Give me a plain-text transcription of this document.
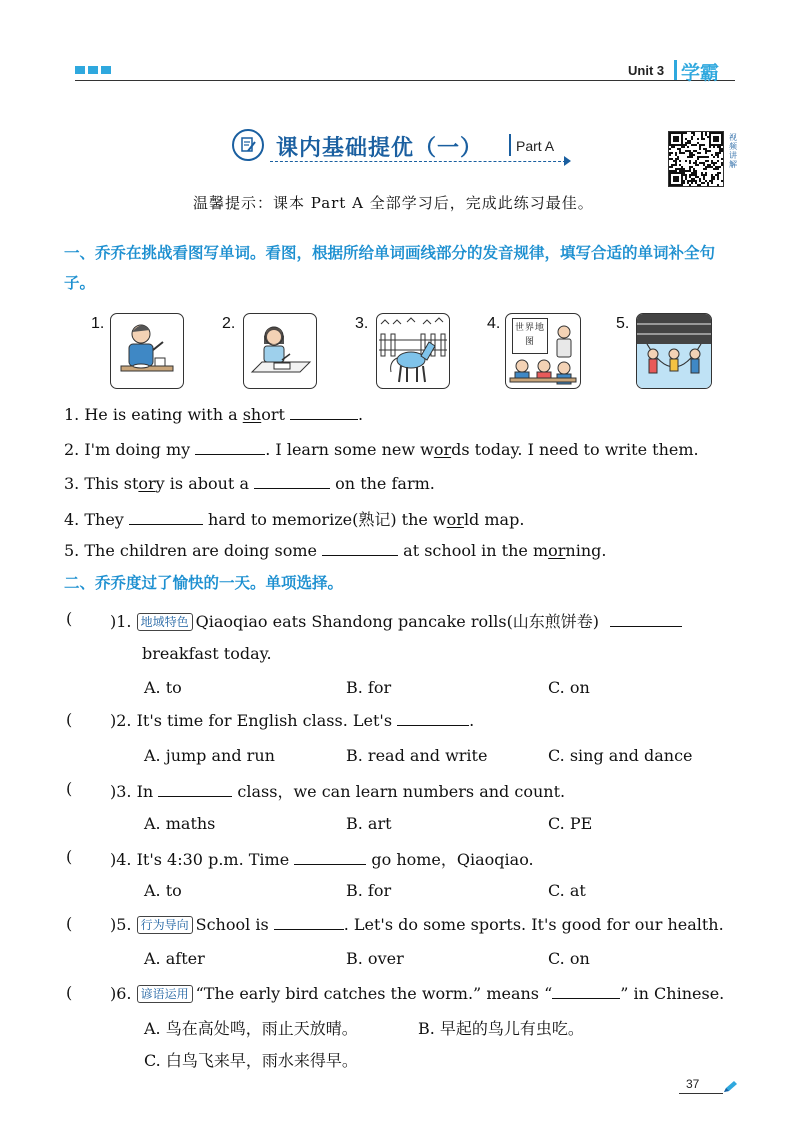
Unit 3 学霸
课内基础提优（一） Part A
视频讲解
温馨提示：课本 Part A 全部学习后，完成此练习最佳。
一、乔乔在挑战看图写单词。看图，根据所给单词画线部分的发音规律，填写合适的单词补全句子。
1.	2.	3.	4.	世界地图
5.
1. He is eating with a short	.
2. I'm doing my	. I learn some new words today. I need to write them.
3. This story is about a	on the farm.
4. They	hard to memorize(熟记) the world map.
5. The children are doing some	at school in the morning.
二、乔乔度过了愉快的一天。单项选择。
( )1. 地域特色 Qiaoqiao eats Shandong pancake rolls(山东煎饼卷)
breakfast today.
A. to	B. for	C. on
( )2. It's time for English class. Let's	.
A. jump and run	B. read and write	C. sing and dance
( )3. In	class，we can learn numbers and count.
A. maths	B. art	C. PE
( )4. It's 4:30 p.m. Time	go home，Qiaoqiao.
A. to	B. for	C. at
( )5. 行为导向 School is	. Let's do some sports. It's good for our health.
A. after	B. over	C. on
( )6. 谚语运用 “The early bird catches the worm.” means “	” in Chinese.
A. 鸟在高处鸣，雨止天放晴。	B. 早起的鸟儿有虫吃。
C. 白鸟飞来早，雨水来得早。
37
